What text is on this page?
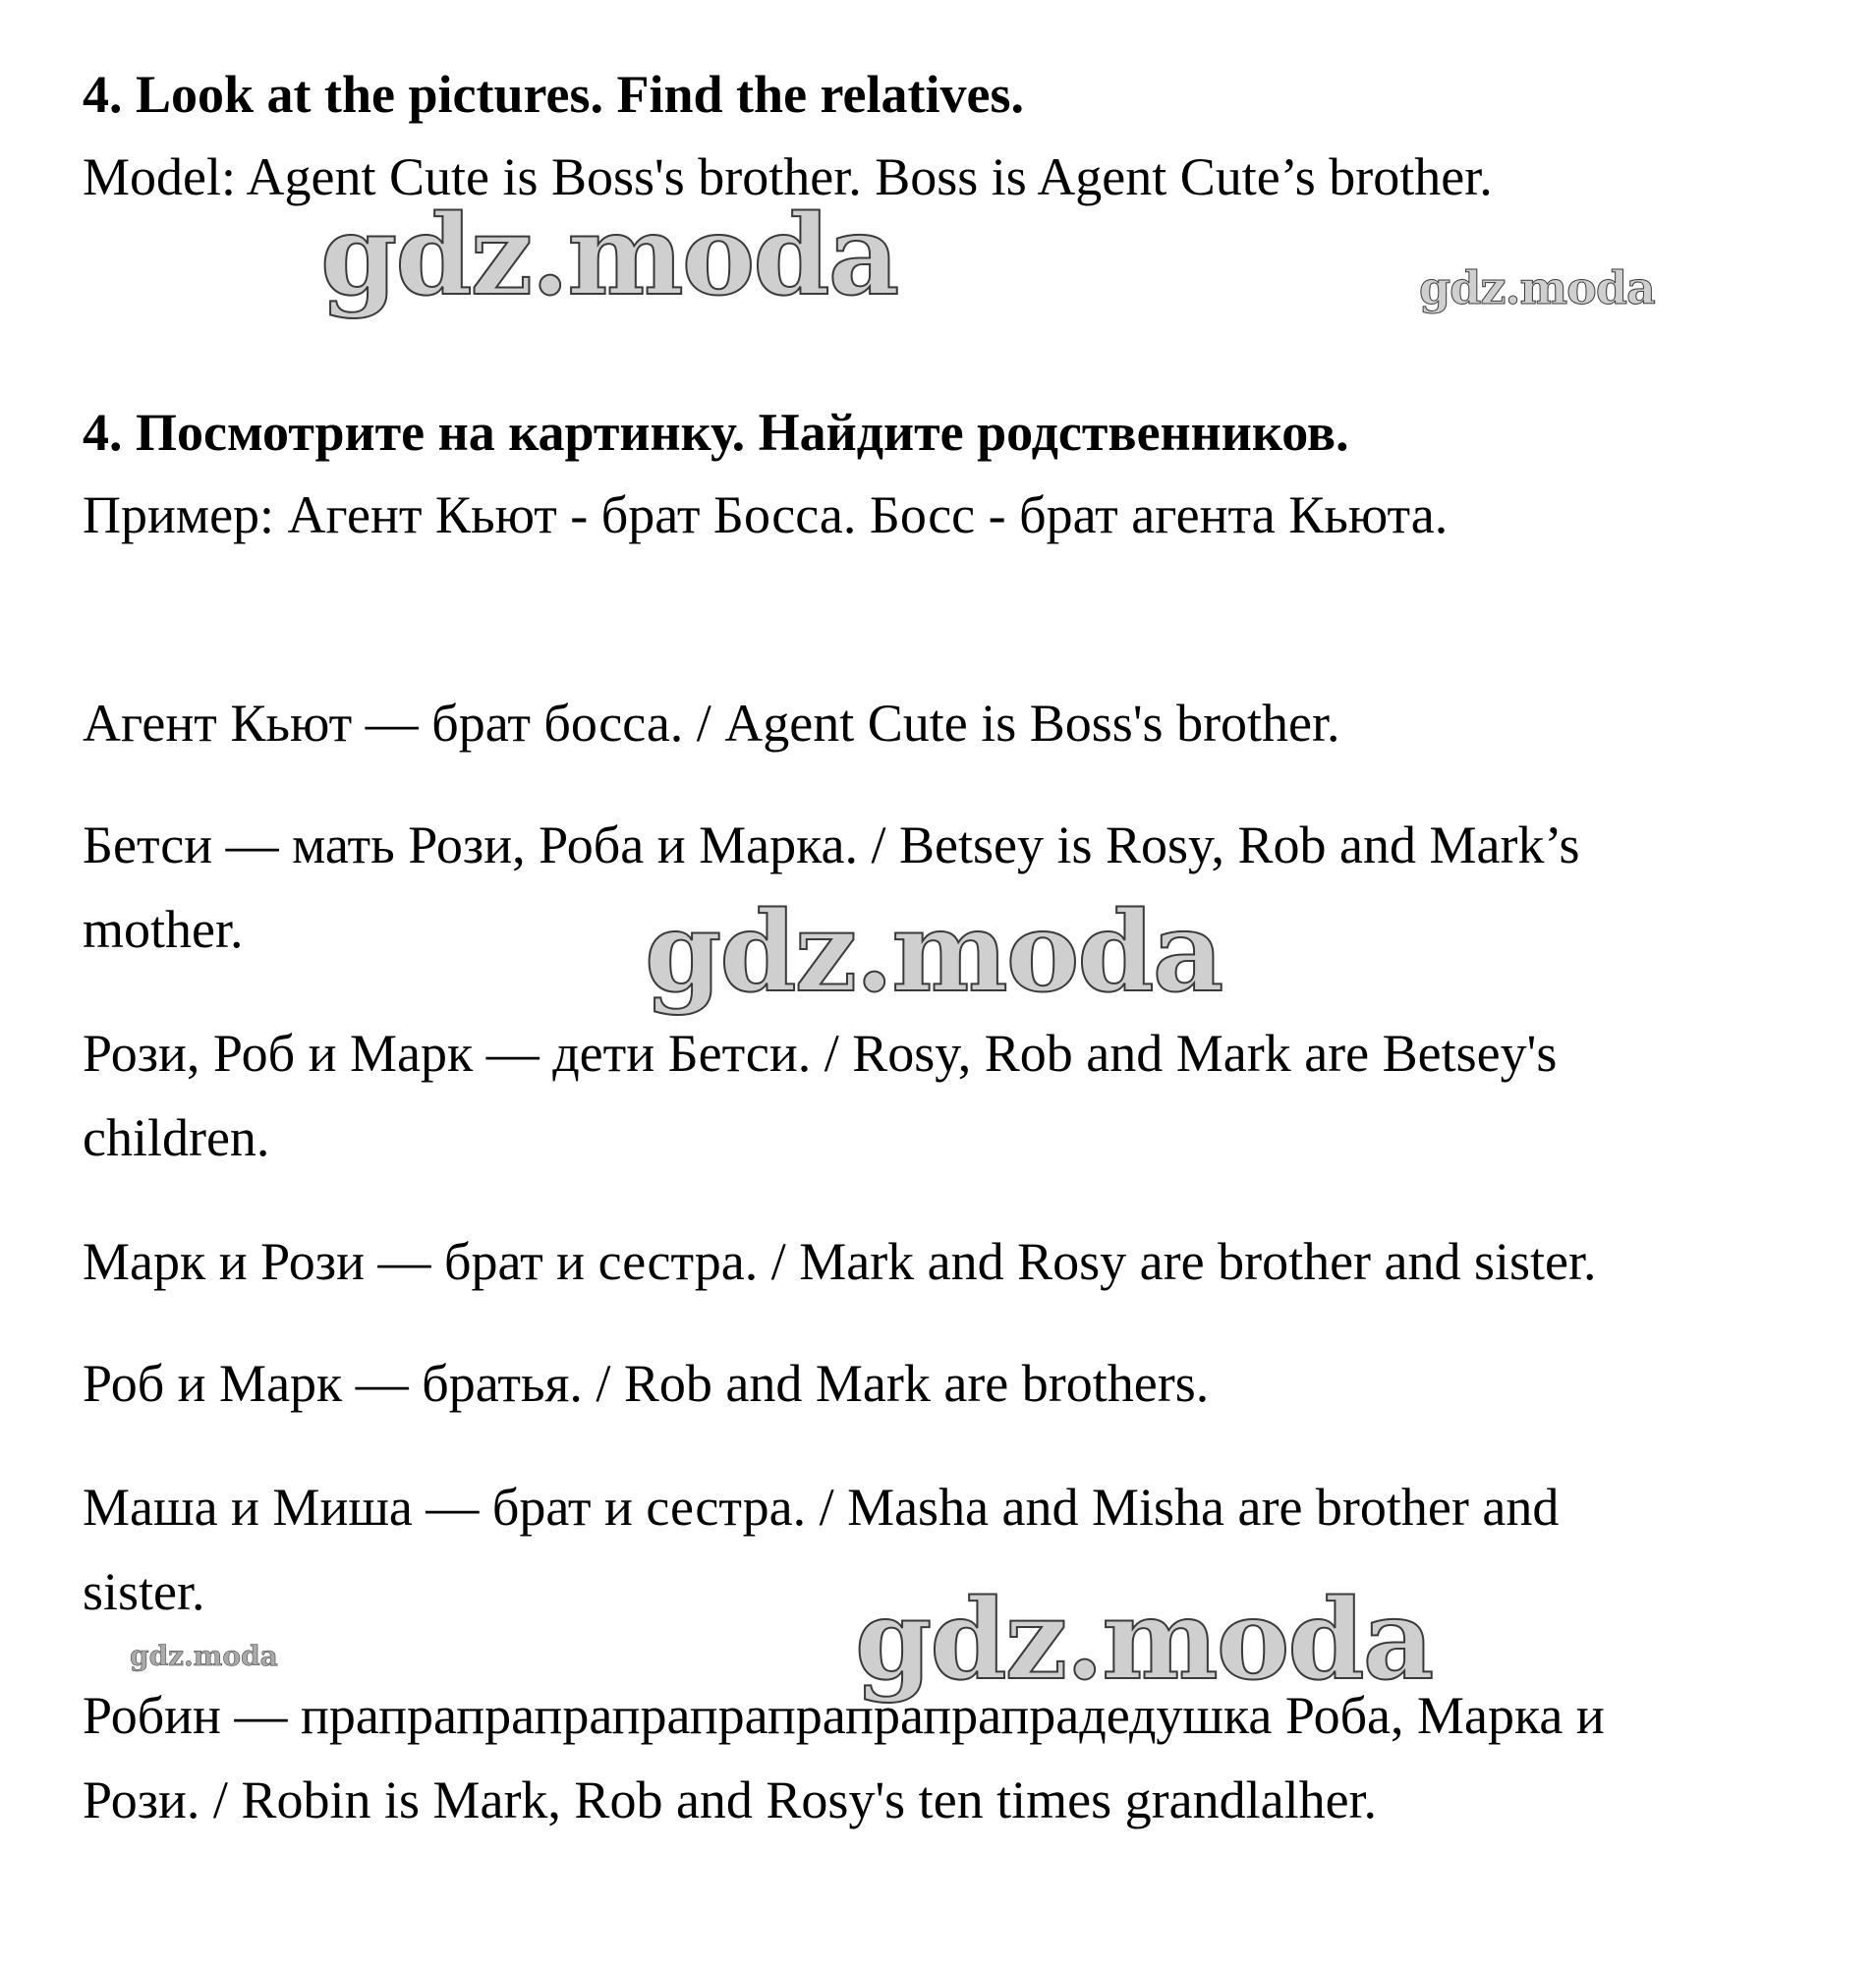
4. Look at the pictures. Find the relatives.
Model: Agent Cute is Boss's brother. Boss is Agent Cute’s brother.
4. Посмотрите на картинку. Найдите родственников.
Пример: Агент Кьют - брат Босса. Босс - брат агента Кьюта.
Агент Кьют — брат босса. / Agent Cute is Boss's brother.
Бетси — мать Рози, Роба и Марка. / Betsey is Rosy, Rob and Mark’s
mother.
Рози, Роб и Марк — дети Бетси. / Rosy, Rob and Mark are Betsey's
children.
Марк и Рози — брат и сестра. / Mark and Rosy are brother and sister.
Роб и Марк — братья. / Rob and Mark are brothers.
Маша и Миша — брат и сестра. / Masha and Misha are brother and
sister.
Робин — прапрапрапрапрапрапрапрапрапрадедушка Роба, Марка и
Рози. / Robin is Mark, Rob and Rosy's ten times grandlalher.
gdz.moda	gdz.moda
gdz.moda
gdz.moda
gdz.moda
